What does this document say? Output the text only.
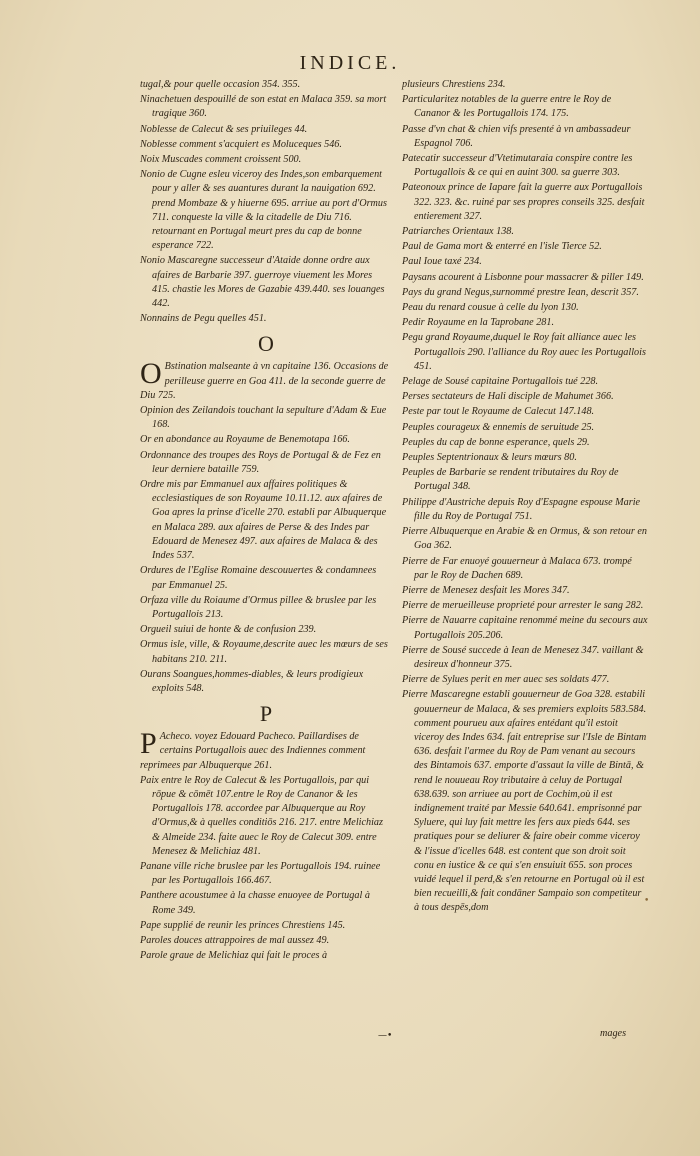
INDICE.
tugal,& pour quelle occasion 354. 355.
Ninachetuen despouillé de son estat en Malaca 359. sa mort tragique 360.
Noblesse de Calecut & ses priuileges 44.
Noblesse comment s'acquiert es Moluceques 546.
Noix Muscades comment croissent 500.
Nonio de Cugne esleu viceroy des Indes,son embarquement pour y aller & ses auantures durant la nauigation 692. prend Mombaze & y hiuerne 695. arriue au port d'Ormus 711. conqueste la ville & la citadelle de Diu 716. retournant en Portugal meurt pres du cap de bonne esperance 722.
Nonio Mascaregne successeur d'Ataide donne ordre aux afaires de Barbarie 397. guerroye viuement les Mores 415. chastie les Mores de Gazabie 439.440. ses louanges 442.
Nonnains de Pegu quelles 451.
O
O Bstination malseante à vn capitaine 136. Occasions de perilleuse guerre en Goa 411. de la seconde guerre de Diu 725.
Opinion des Zeilandois touchant la sepulture d'Adam & Eue 168.
Or en abondance au Royaume de Benemotapa 166.
Ordonnance des troupes des Roys de Portugal & de Fez en leur derniere bataille 759.
Ordre mis par Emmanuel aux affaires politiques & ecclesiastiques de son Royaume 10.11.12. aux afaires de Goa apres la prinse d'icelle 270. establi par Albuquerque en Malaca 289. aux afaires de Perse & des Indes par Edouard de Menesez 497. aux afaires de Malaca & des Indes 537.
Ordures de l'Eglise Romaine descouuertes & condamnees par Emmanuel 25.
Orfaza ville du Roiaume d'Ormus pillee & bruslee par les Portugallois 213.
Orgueil suiui de honte & de confusion 239.
Ormus isle, ville, & Royaume,descrite auec les mœurs de ses habitans 210. 211.
Ourans Soangues,hommes-diables, & leurs prodigieux exploits 548.
P
P Acheco. voyez Edouard Pacheco. Paillardises de certains Portugallois auec des Indiennes comment reprimees par Albuquerque 261.
Paix entre le Roy de Calecut & les Portugallois, par qui rōpue & cōmēt 107.entre le Roy de Cananor & les Portugallois 178. accordee par Albuquerque au Roy d'Ormus,& à quelles conditiōs 216. 217. entre Melichiaz & Almeide 234. faite auec le Roy de Calecut 309. entre Menesez & Melichiaz 481.
Panane ville riche bruslee par les Portugallois 194. ruinee par les Portugallois 166.467.
Panthere acoustumee à la chasse enuoyee de Portugal à Rome 349.
Pape supplié de reunir les princes Chrestiens 145.
Paroles douces attrappoires de mal aussez 49.
Parole graue de Melichiaz qui fait le proces à
plusieurs Chrestiens 234.
Particularitez notables de la guerre entre le Roy de Cananor & les Portugallois 174. 175.
Passe d'vn chat & chien vifs presenté à vn ambassadeur Espagnol 706.
Patecatir successeur d'Vtetimutaraia conspire contre les Portugallois & ce qui en auint 300. sa guerre 303.
Pateonoux prince de Iapare fait la guerre aux Portugallois 322. 323. &c. ruiné par ses propres conseils 325. desfait entierement 327.
Patriarches Orientaux 138.
Paul de Gama mort & enterré en l'isle Tierce 52.
Paul Ioue taxé 234.
Paysans acourent à Lisbonne pour massacrer & piller 149.
Pays du grand Negus,surnommé prestre Iean, descrit 357.
Peau du renard cousue à celle du lyon 130.
Pedir Royaume en la Taprobane 281.
Pegu grand Royaume,duquel le Roy fait alliance auec les Portugallois 290. l'alliance du Roy auec les Portugallois 451.
Pelage de Sousé capitaine Portugallois tué 228.
Perses sectateurs de Hali disciple de Mahumet 366.
Peste par tout le Royaume de Calecut 147.148.
Peuples courageux & ennemis de seruitude 25.
Peuples du cap de bonne esperance, quels 29.
Peuples Septentrionaux & leurs mœurs 80.
Peuples de Barbarie se rendent tributaires du Roy de Portugal 348.
Philippe d'Austriche depuis Roy d'Espagne espouse Marie fille du Roy de Portugal 751.
Pierre Albuquerque en Arabie & en Ormus, & son retour en Goa 362.
Pierre de Far enuoyé gouuerneur à Malaca 673. trompé par le Roy de Dachen 689.
Pierre de Menesez desfait les Mores 347.
Pierre de merueilleuse proprieté pour arrester le sang 282.
Pierre de Nauarre capitaine renommé meine du secours aux Portugallois 205.206.
Pierre de Sousé succede à Iean de Menesez 347. vaillant & desireux d'honneur 375.
Pierre de Sylues perit en mer auec ses soldats 477.
Pierre Mascaregne establi gouuerneur de Goa 328. estabili gouuerneur de Malaca, & ses premiers exploits 583.584. comment pourueu aux afaires entédant qu'il estoit viceroy des Indes 634. fait entreprise sur l'Isle de Bintam 636. desfait l'armee du Roy de Pam venant au secours des Bintamois 637. emporte d'assaut la ville de Bintā, & rend le nouueau Roy tributaire à celuy de Portugal 638.639. son arriuee au port de Cochim,où il est indignement traité par Messie 640.641. emprisonné par Syluere, qui luy fait mettre les fers aux pieds 644. ses pratiques pour se deliurer & faire obeir comme viceroy & l'issue d'icelles 648. est content que son droit soit conu en iustice & ce qui s'en ensuiuit 655. son proces vuidé lequel il perd,& s'en retourne en Portugal où il est bien recueilli,& fait condāner Sampaio son competiteur à tous despēs,dom
—•
•
mages
